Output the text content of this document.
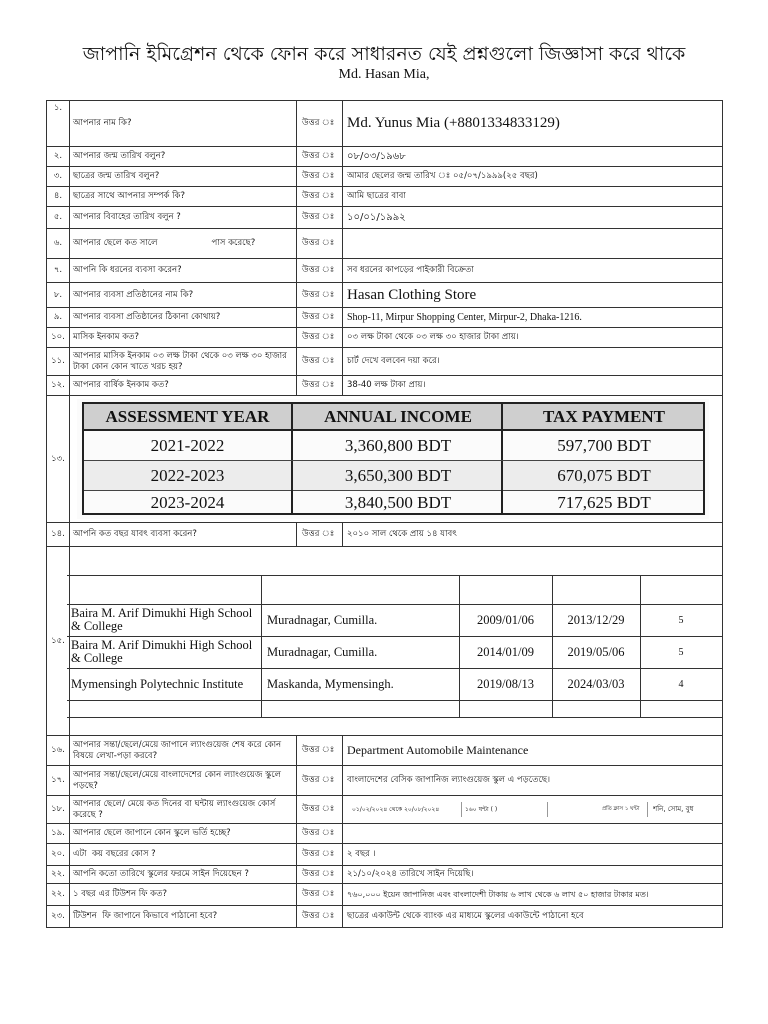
জাপানি ইমিগ্রেশন থেকে ফোন করে সাধারনত যেই প্রশ্নগুলো জিজ্ঞাসা করে থাকে
Md. Hasan Mia,
১.
আপনার নাম কি?	উত্তর ঃ Md. Yunus Mia (+8801334833129)
২.	আপনার জন্ম তারিখ বলুন?	উত্তর ঃ	০৮/০৩/১৯৬৮
৩.	ছাত্রের জন্ম তারিখ বলুন?	উত্তর ঃ	আমার ছেলের জন্ম তারিখ ঃ ০৫/০৭/১৯৯৯(২৫ বছর)
৪.	ছাত্রের সাথে আপনার সম্পর্ক কি?	উত্তর ঃ	আমি ছাত্রের বাবা
৫.	আপনার বিবাহের তারিখ বলুন ?	উত্তর ঃ	১০/০১/১৯৯২
৬.	আপনার ছেলে কত সালে                    পাস করেছে?	উত্তর ঃ
৭.	আপনি কি ধরনের ব্যবসা করেন?	উত্তর ঃ	সব ধরনের কাপড়ের পাইকারী বিক্রেতা
৮.	আপনার ব্যবসা প্রতিষ্ঠানের নাম কি?	উত্তর ঃ Hasan Clothing Store
৯.	আপনার ব্যবসা প্রতিষ্ঠানের ঠিকানা কোথায়?	উত্তর ঃ	Shop-11, Mirpur Shopping Center, Mirpur-2, Dhaka-1216.
১০. মাসিক ইনকাম কত?	উত্তর ঃ	০৩ লক্ষ টাকা থেকে ০৩ লক্ষ ৩০ হাজার টাকা প্রায়।
১১.
আপনার মাসিক ইনকাম ০৩ লক্ষ টাকা থেকে ০৩ লক্ষ ৩০ হাজার টাকা কোন কোন খাতে খরচ হয়?
উত্তর ঃ	চার্ট দেখে বলবেন দয়া করে।
১২. আপনার বার্ষিক ইনকাম কত?	উত্তর ঃ	38-40 লক্ষ টাকা প্রায়।
১৩.
ASSESSMENT YEAR	ANNUAL INCOME	TAX PAYMENT
2021-2022	3,360,800 BDT	597,700 BDT
2022-2023	3,650,300 BDT	670,075 BDT
2023-2024	3,840,500 BDT	717,625 BDT
১৪. আপনি কত বছর যাবৎ ব্যবসা করেন?	উত্তর ঃ	২০১০ সাল থেকে প্রায় ১৪ যাবৎ
১৫.
Baira M. Arif Dimukhi High School & College	Muradnagar, Cumilla.	2009/01/06	2013/12/29	5
Baira M. Arif Dimukhi High School & College	Muradnagar, Cumilla.	2014/01/09	2019/05/06	5
Mymensingh Polytechnic Institute	Maskanda, Mymensingh.	2019/08/13	2024/03/03	4
১৬.
আপনার সন্তা/ছেলে/মেয়ে জাপানে ল্যাংগুয়েজ শেষ করে কোন বিষয়ে লেখা-পড়া করবে?
উত্তর ঃ	Department Automobile Maintenance
১৭.
আপনার সন্তা/ছেলে/মেয়ে বাংলাদেশের কোন ল্যাংগুয়েজ স্কুলে পড়ছে?
উত্তর ঃ	বাংলাদেশের বেসিক জাপানিজ ল্যাংগুয়েজ স্কুল এ পড়তেছে।
১৮.
আপনার ছেলে/ মেয়ে কত দিনের বা ঘন্টায় ল্যাংগুয়েজ কোর্স করেছে ?
উত্তর ঃ	০১/০২/২০২৪ থেকে ২০/০৮/২০২৪	১৬০ ঘন্টা ( )	প্রতি ক্লাস ১ ঘন্টা	শনি, সোম, বুধ
১৯. আপনার ছেলে জাপানে কোন স্কুলে ভর্তি হচ্ছে?	উত্তর ঃ
২০. এটা  কয় বছরের কোস ?	উত্তর ঃ	২ বছর ।
২২. আপনি কতো তারিখে স্কুলের ফরমে সাইন দিয়েছেন ?	উত্তর ঃ	২১/১০/২০২৪ তারিখে সাইন দিয়েছি।
২২. ১ বছর এর টিউশন ফি কত?	উত্তর ঃ	৭৬০,০০০ ইয়েন জাপানিজ এবং বাংলাদেশী টাকায় ৬ লাখ থেকে ৬ লাখ ৫০ হাজার টাকার মত।
২৩. টিউশন  ফি জাপানে কিভাবে পাঠানো হবে?	উত্তর ঃ	ছাত্রের একাউন্ট থেকে ব্যাংক এর মাধ্যমে স্কুলের একাউন্টে পাঠানো হবে
